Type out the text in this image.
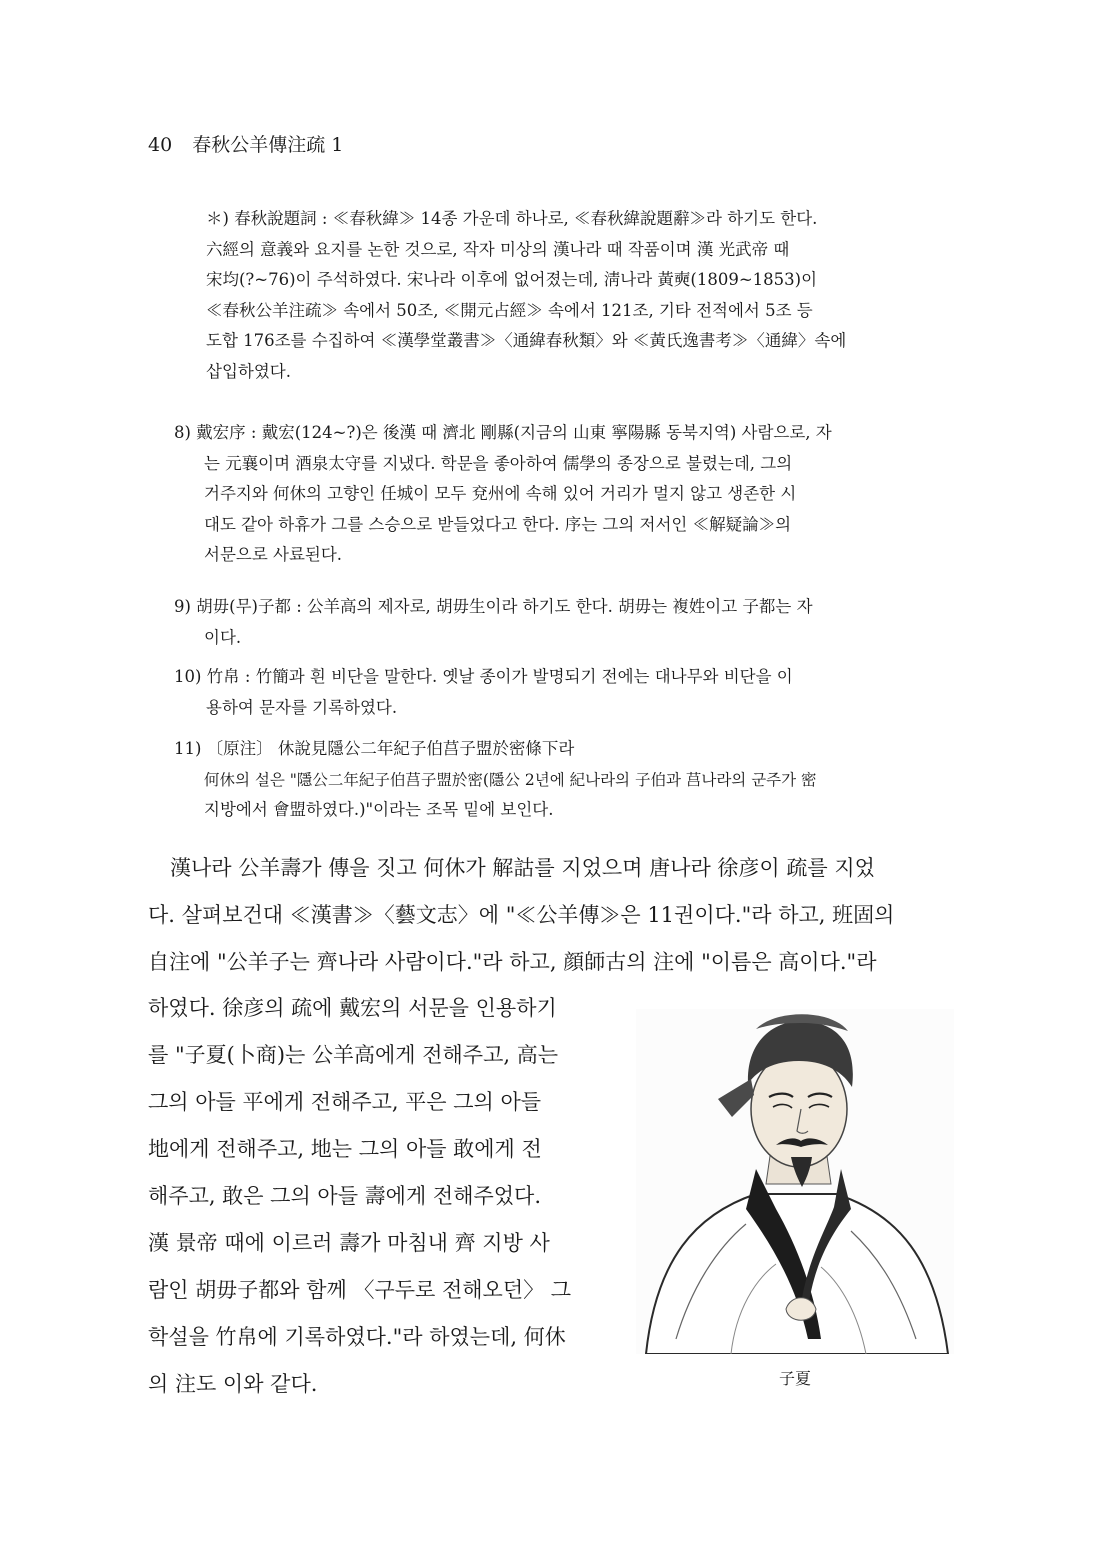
40 春秋公羊傳注疏 1
＊) 春秋說題詞 : ≪春秋緯≫ 14종 가운데 하나로, ≪春秋緯說題辭≫라 하기도 한다.
六經의 意義와 요지를 논한 것으로, 작자 미상의 漢나라 때 작품이며 漢 光武帝 때
宋均(?~76)이 주석하였다. 宋나라 이후에 없어졌는데, 淸나라 黃奭(1809~1853)이
≪春秋公羊注疏≫ 속에서 50조, ≪開元占經≫ 속에서 121조, 기타 전적에서 5조 등
도합 176조를 수집하여 ≪漢學堂叢書≫〈通緯春秋類〉와 ≪黃氏逸書考≫〈通緯〉속에
삽입하였다.
8) 戴宏序 : 戴宏(124~?)은 後漢 때 濟北 剛縣(지금의 山東 寧陽縣 동북지역) 사람으로, 자
는 元襄이며 酒泉太守를 지냈다. 학문을 좋아하여 儒學의 종장으로 불렸는데, 그의
거주지와 何休의 고향인 任城이 모두 兗州에 속해 있어 거리가 멀지 않고 생존한 시
대도 같아 하휴가 그를 스승으로 받들었다고 한다. 序는 그의 저서인 ≪解疑論≫의
서문으로 사료된다.
9) 胡毋(무)子都 : 公羊高의 제자로, 胡毋生이라 하기도 한다. 胡毋는 複姓이고 子都는 자
이다.
10) 竹帛 : 竹簡과 흰 비단을 말한다. 옛날 종이가 발명되기 전에는 대나무와 비단을 이
용하여 문자를 기록하였다.
11) 〔原注〕 休說見隱公二年紀子伯莒子盟於密條下라
何休의 설은 "隱公二年紀子伯莒子盟於密(隱公 2년에 紀나라의 子伯과 莒나라의 군주가 密
지방에서 會盟하였다.)"이라는 조목 밑에 보인다.
漢나라 公羊壽가 傳을 짓고 何休가 解詁를 지었으며 唐나라 徐彦이 疏를 지었
다. 살펴보건대 ≪漢書≫〈藝文志〉에 "≪公羊傳≫은 11권이다."라 하고, 班固의
自注에 "公羊子는 齊나라 사람이다."라 하고, 顔師古의 注에 "이름은 高이다."라
하였다. 徐彦의 疏에 戴宏의 서문을 인용하기
를 "子夏(卜商)는 公羊高에게 전해주고, 高는
그의 아들 平에게 전해주고, 平은 그의 아들
地에게 전해주고, 地는 그의 아들 敢에게 전
해주고, 敢은 그의 아들 壽에게 전해주었다.
漢 景帝 때에 이르러 壽가 마침내 齊 지방 사
람인 胡毋子都와 함께 〈구두로 전해오던〉 그
학설을 竹帛에 기록하였다."라 하였는데, 何休
의 注도 이와 같다.	子夏
